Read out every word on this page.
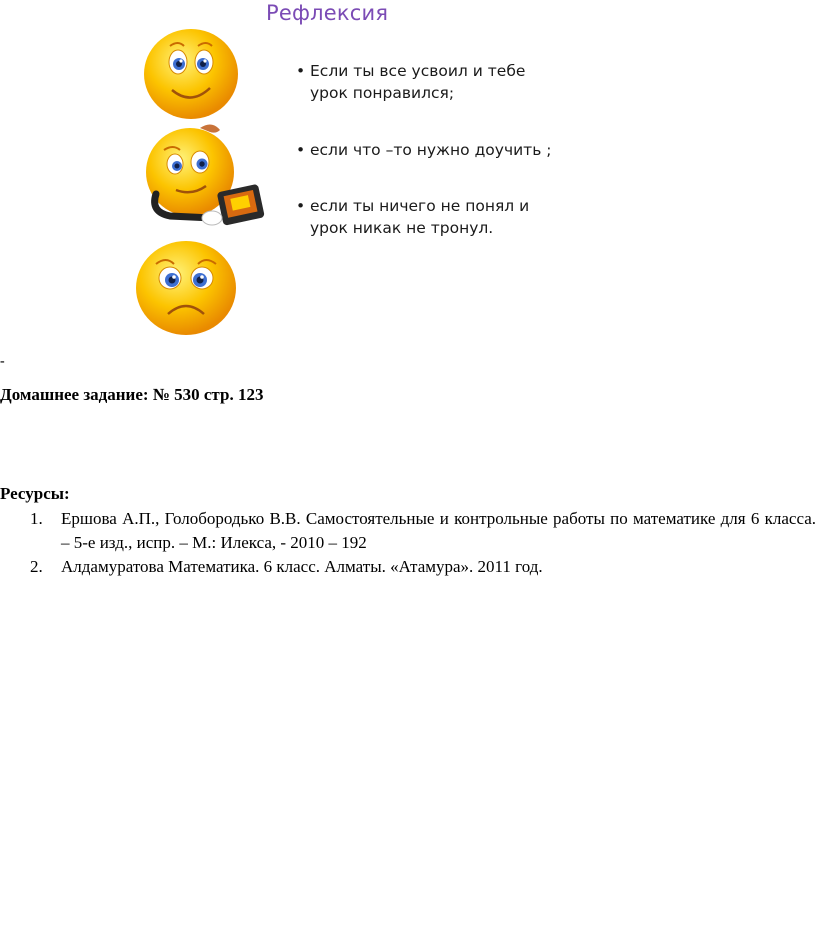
Рефлексия
• Если ты все усвоил и тебе
урок понравился;
• если что –то нужно доучить ;
• если ты ничего не понял и
урок никак не тронул.
-
Домашнее задание: № 530 стр. 123
Ресурсы:
1. Ершова А.П., Голобородько В.В. Самостоятельные и контрольные работы по математике для 6 класса. – 5-е изд., испр. – М.: Илекса, - 2010 – 192
2. Алдамуратова Математика. 6 класс. Алматы. «Атамура». 2011 год.
